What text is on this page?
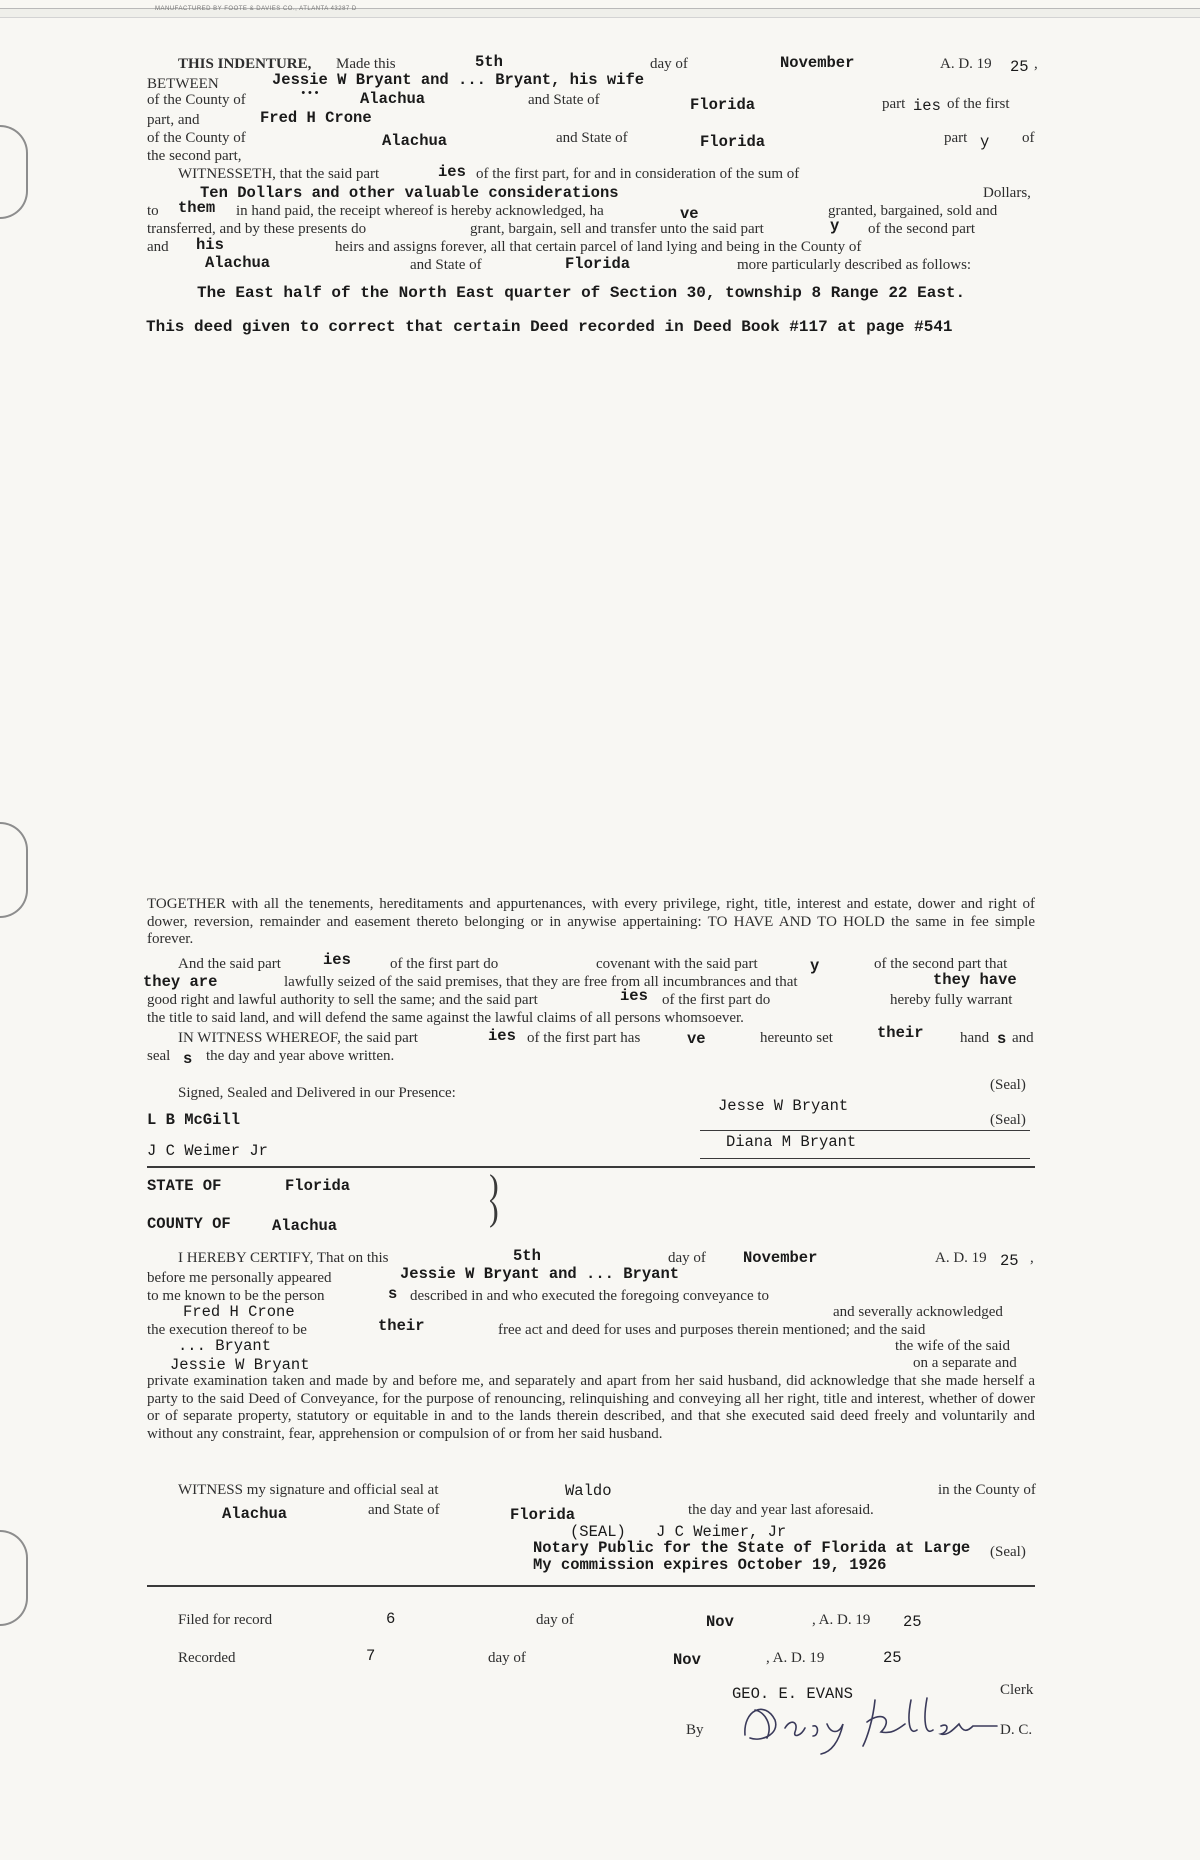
MANUFACTURED BY FOOTE & DAVIES CO., ATLANTA 43287 D
THIS INDENTURE, Made this	5th	day of	November	A. D. 19 25 ,
BETWEEN	Jessie W Bryant and ... Bryant, his wife
of the County of	•••	Alachua	and State of	Florida	part ies of the first
part, and	Fred H Crone
of the County of	Alachua	and State of	Florida	part y of
the second part,
WITNESSETH, that the said part	ies of the first part, for and in consideration of the sum of
Ten Dollars and other valuable considerations	Dollars,
to them in hand paid, the receipt whereof is hereby acknowledged, ha	ve	granted, bargained, sold and
transferred, and by these presents do	grant, bargain, sell and transfer unto the said part	y of the second part
and his	heirs and assigns forever, all that certain parcel of land lying and being in the County of
Alachua	and State of	Florida	more particularly described as follows:
The East half of the North East quarter of Section 30, township 8 Range 22 East.
This deed given to correct that certain Deed recorded in Deed Book #117 at page #541
TOGETHER with all the tenements, hereditaments and appurtenances, with every privilege, right, title, interest and estate, dower and right of dower, reversion, remainder and easement thereto belonging or in anywise appertaining: TO HAVE AND TO HOLD the same in fee simple forever.
And the said part	ies	of the first part do	covenant with the said part	y	of the second part that
they are	lawfully seized of the said premises, that they are free from all incumbrances and that	they have
good right and lawful authority to sell the same; and the said part	ies of the first part do	hereby fully warrant
the title to said land, and will defend the same against the lawful claims of all persons whomsoever.
IN WITNESS WHEREOF, the said part	ies of the first part has	ve	hereunto set	their hand s and
seal s the day and year above written.
Signed, Sealed and Delivered in our Presence:	(Seal)
Jesse W Bryant
L B McGill	(Seal)
Diana M Bryant
J C Weimer Jr
STATE OF	Florida	)
)
COUNTY OF	Alachua
I HEREBY CERTIFY, That on this	5th	day of November	A. D. 19 25 ,
before me personally appeared	Jessie W Bryant and ... Bryant
to me known to be the person	s described in and who executed the foregoing conveyance to
Fred H Crone	and severally acknowledged
the execution thereof to be	their	free act and deed for uses and purposes therein mentioned; and the said
... Bryant	the wife of the said
Jessie W Bryant	on a separate and
private examination taken and made by and before me, and separately and apart from her said husband, did acknowledge that she made herself a party to the said Deed of Conveyance, for the purpose of renouncing, relinquishing and conveying all her right, title and interest, whether of dower or of separate property, statutory or equitable in and to the lands therein described, and that she executed said deed freely and voluntarily and without any constraint, fear, apprehension or compulsion of or from her said husband.
WITNESS my signature and official seal at	Waldo	in the County of
Alachua	and State of	Florida	the day and year last aforesaid.
(SEAL) J C Weimer, Jr
Notary Public for the State of Florida at Large (Seal)
My commission expires October 19, 1926
Filed for record	6	day of	Nov	, A. D. 19 25
Recorded	7	day of	Nov	, A. D. 19	25
GEO. E. EVANS	Clerk
By	D. C.
